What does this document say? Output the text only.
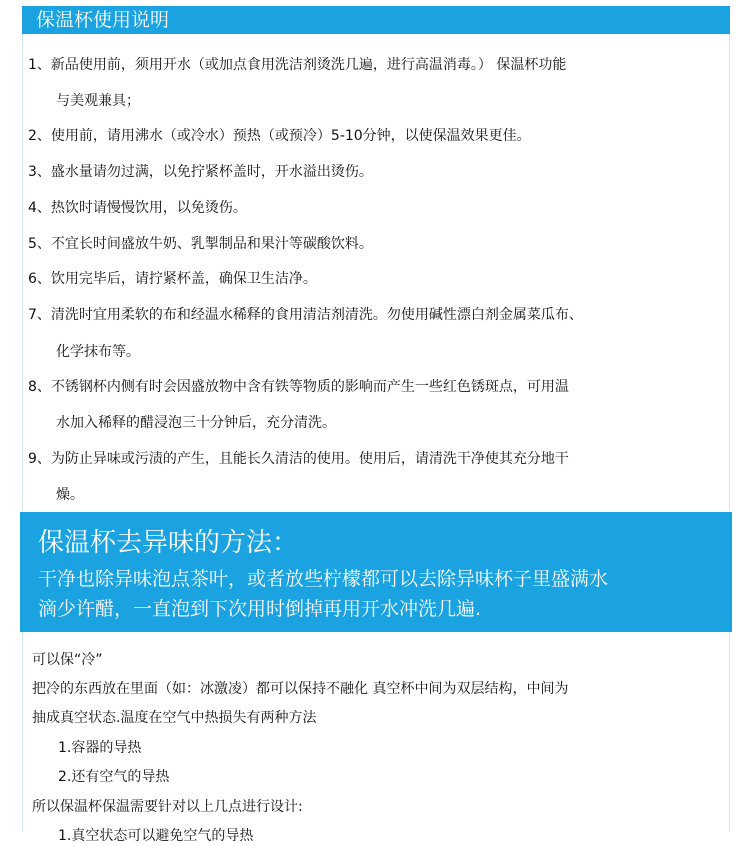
保温杯使用说明
1、新品使用前，须用开水（或加点食用洗洁剂烫洗几遍，进行高温消毒。） 保温杯功能
与美观兼具；
2、使用前，请用沸水（或冷水）预热（或预冷）5-10分钟，以使保温效果更佳。
3、盛水量请勿过满，以免拧紧杯盖时，开水溢出烫伤。
4、热饮时请慢慢饮用，以免烫伤。
5、不宜长时间盛放牛奶、乳掣制品和果汁等碳酸饮料。
6、饮用完毕后，请拧紧杯盖，确保卫生洁净。
7、清洗时宜用柔软的布和经温水稀释的食用清洁剂清洗。勿使用碱性漂白剂金属菜瓜布、
化学抹布等。
8、不锈钢杯内侧有时会因盛放物中含有铁等物质的影响而产生一些红色锈斑点，可用温
水加入稀释的醋浸泡三十分钟后，充分清洗。
9、为防止异味或污渍的产生，且能长久清洁的使用。使用后，请清洗干净使其充分地干
燥。
保温杯去异味的方法：
干净也除异味泡点茶叶，或者放些柠檬都可以去除异味杯子里盛满水
滴少许醋，一直泡到下次用时倒掉再用开水冲洗几遍.
可以保“冷”
把冷的东西放在里面（如：冰激凌）都可以保持不融化 真空杯中间为双层结构，中间为
抽成真空状态.温度在空气中热损失有两种方法
1.容器的导热
2.还有空气的导热
所以保温杯保温需要针对以上几点进行设计:
1.真空状态可以避免空气的导热
